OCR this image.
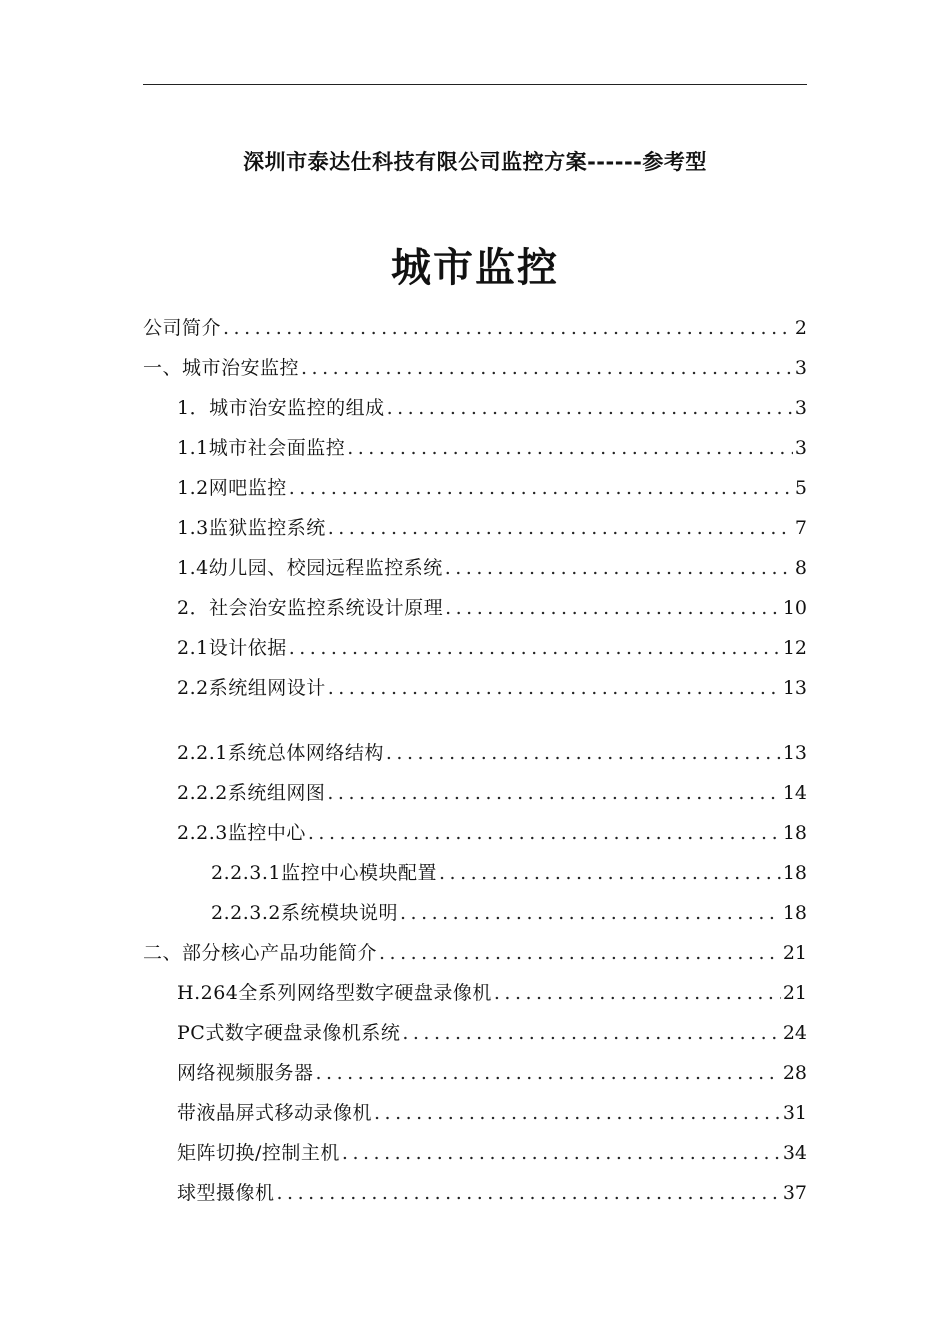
深圳市泰达仕科技有限公司监控方案------参考型
城市监控
公司简介 .....	2
一、城市治安监控 .....	3
1．城市治安监控的组成 .....	3
1.1城市社会面监控 .....	3
1.2网吧监控 .....	5
1.3监狱监控系统 .....	7
1.4幼儿园、校园远程监控系统 .....	8
2．社会治安监控系统设计原理 .....	10
2.1设计依据 .....	12
2.2系统组网设计 .....	13
2.2.1系统总体网络结构 .....	13
2.2.2系统组网图 .....	14
2.2.3监控中心 .....	18
2.2.3.1监控中心模块配置 .....	18
2.2.3.2系统模块说明 .....	18
二、部分核心产品功能简介 .....	21
H.264全系列网络型数字硬盘录像机 .....	21
PC式数字硬盘录像机系统 .....	24
网络视频服务器 .....	28
带液晶屏式移动录像机 .....	31
矩阵切换/控制主机 .....	34
球型摄像机 .....	37
